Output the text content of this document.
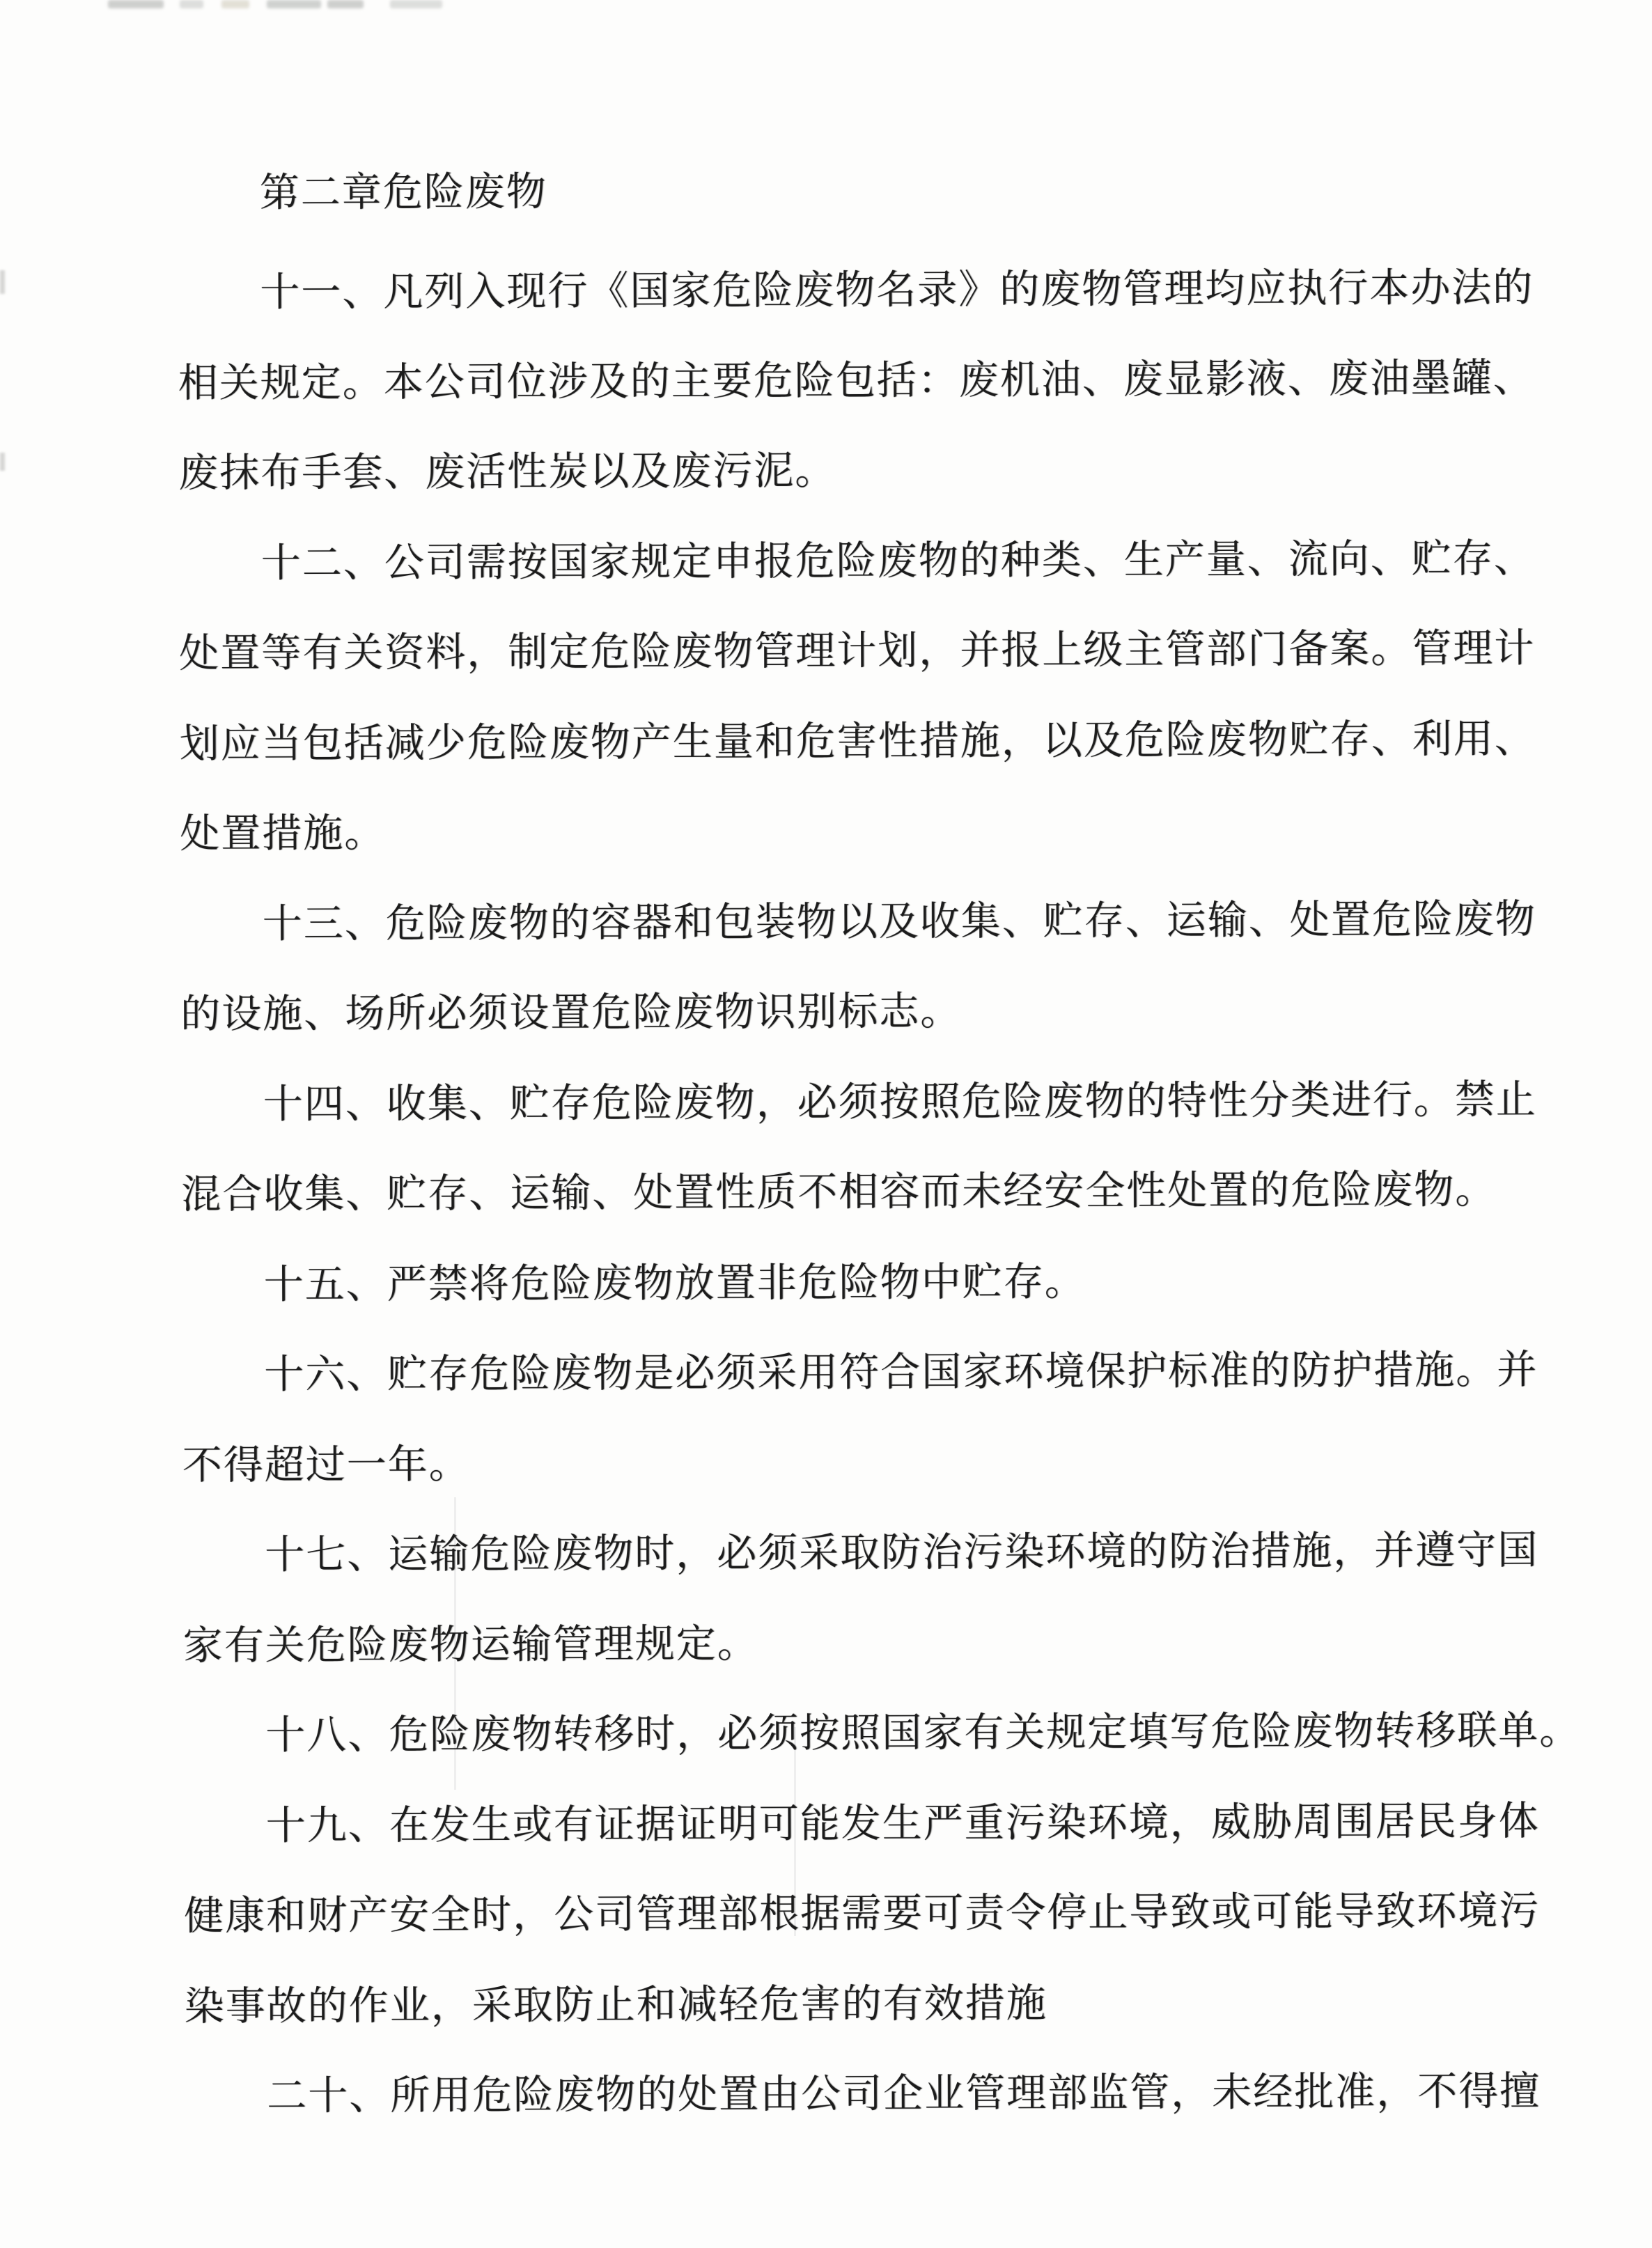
第二章危险废物
十一、凡列入现行《国家危险废物名录》的废物管理均应执行本办法的
相关规定。本公司位涉及的主要危险包括：废机油、废显影液、废油墨罐、
废抹布手套、废活性炭以及废污泥。
十二、公司需按国家规定申报危险废物的种类、生产量、流向、贮存、
处置等有关资料，制定危险废物管理计划，并报上级主管部门备案。管理计
划应当包括减少危险废物产生量和危害性措施，以及危险废物贮存、利用、
处置措施。
十三、危险废物的容器和包装物以及收集、贮存、运输、处置危险废物
的设施、场所必须设置危险废物识别标志。
十四、收集、贮存危险废物，必须按照危险废物的特性分类进行。禁止
混合收集、贮存、运输、处置性质不相容而未经安全性处置的危险废物。
十五、严禁将危险废物放置非危险物中贮存。
十六、贮存危险废物是必须采用符合国家环境保护标准的防护措施。并
不得超过一年。
十七、运输危险废物时，必须采取防治污染环境的防治措施，并遵守国
家有关危险废物运输管理规定。
十八、危险废物转移时，必须按照国家有关规定填写危险废物转移联单。
十九、在发生或有证据证明可能发生严重污染环境，威胁周围居民身体
健康和财产安全时，公司管理部根据需要可责令停止导致或可能导致环境污
染事故的作业，采取防止和减轻危害的有效措施
二十、所用危险废物的处置由公司企业管理部监管，未经批准，不得擅
